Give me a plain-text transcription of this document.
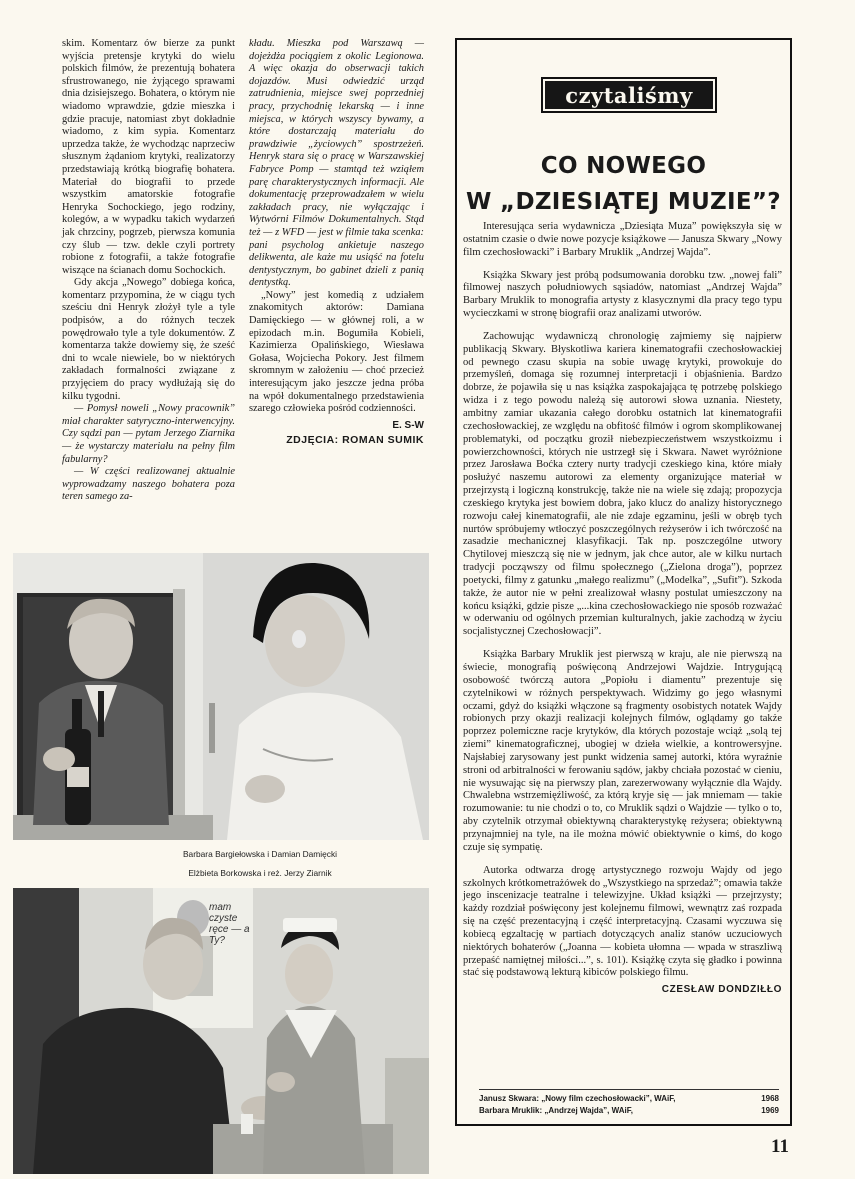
skim. Komentarz ów bierze za punkt wyjścia pretensje krytyki do wielu polskich filmów, że prezentują bohatera sfrustrowanego, nie żyjącego sprawami dnia dzisiejszego. Bohatera, o którym nie wiadomo wprawdzie, gdzie mieszka i gdzie pracuje, natomiast zbyt dokładnie wiadomo, z kim sypia. Komentarz uprzedza także, że wychodząc naprzeciw słusznym żądaniom krytyki, realizatorzy przedstawiają krótką biografię bohatera. Materiał do biografii to przede wszystkim amatorskie fotografie Henryka Sochockiego, jego rodziny, kolegów, a w wypadku takich wydarzeń jak chrzciny, pogrzeb, pierwsza komunia czy ślub — tzw. dekle czyli portrety robione z fotografii, a także fotografie wiszące na ścianach domu Sochockich.

Gdy akcja „Nowego” dobiega końca, komentarz przypomina, że w ciągu tych sześciu dni Henryk złożył tyle a tyle podpisów, a do różnych teczek powędrowało tyle a tyle dokumentów. Z komentarza także dowiemy się, że sześć dni to wcale niewiele, bo w niektórych zakładach formalności związane z przyjęciem do pracy wydłużają się do kilku tygodni.

— Pomysł noweli „Nowy pracownik” miał charakter satyryczno-interwencyjny. Czy sądzi pan — pytam Jerzego Ziarnika — że wystarczy materiału na pełny film fabularny?

— W części realizowanej aktualnie wyprowadzamy naszego bohatera poza teren samego za-

kładu. Mieszka pod Warszawą — dojeżdża pociągiem z okolic Legionowa. A więc okazja do obserwacji takich dojazdów. Musi odwiedzić urząd zatrudnienia, miejsce swej poprzedniej pracy, przychodnię lekarską — i inne miejsca, w których wszyscy bywamy, a które dostarczają materiału do prawdziwie „życiowych” spostrzeżeń. Henryk stara się o pracę w Warszawskiej Fabryce Pomp — stamtąd też wziąłem parę charakterystycznych informacji. Ale dokumentację przeprowadzałem w wielu zakładach pracy, nie wyłączając i Wytwórni Filmów Dokumentalnych. Stąd też — z WFD — jest w filmie taka scenka: pani psycholog ankietuje naszego delikwenta, ale każe mu usiąść na fotelu dentystycznym, bo gabinet dzieli z panią dentystką.

„Nowy” jest komedią z udziałem znakomitych aktorów: Damiana Damięckiego — w głównej roli, a w epizodach m.in. Bogumiła Kobieli, Kazimierza Opalińskiego, Wiesława Gołasa, Wojciecha Pokory. Jest filmem skromnym w założeniu — choć przecież interesującym jako jeszcze jedna próba na wpół dokumentalnego przedstawienia szarego człowieka pośród codzienności.

E. S-W
ZDJĘCIA: ROMAN SUMIK
Barbara Bargiełowska i Damian Damięcki
Elżbieta Borkowska i reż. Jerzy Ziarnik
mam czyste ręce — a Ty?
czytaliśmy
CO NOWEGO
W „DZIESIĄTEJ MUZIE”?

Interesująca seria wydawnicza „Dziesiąta Muza” powiększyła się w ostatnim czasie o dwie nowe pozycje książkowe — Janusza Skwary „Nowy film czechosłowacki” i Barbary Mruklik „Andrzej Wajda”.

Książka Skwary jest próbą podsumowania dorobku tzw. „nowej fali” filmowej naszych południowych sąsiadów, natomiast „Andrzej Wajda” Barbary Mruklik to monografia artysty z klasycznymi dla pracy tego typu wycieczkami w stronę biografii oraz analizami utworów.

Zachowując wydawniczą chronologię zajmiemy się najpierw publikacją Skwary. Błyskotliwa kariera kinematografii czechosłowackiej od pewnego czasu skupia na sobie uwagę krytyki, prowokuje do przemyśleń, domaga się rozumnej interpretacji i objaśnienia. Bardzo dobrze, że pojawiła się u nas książka zaspokajająca tę potrzebę polskiego widza i z tego powodu należą się autorowi słowa uznania. Niestety, ambitny zamiar ukazania całego dorobku ostatnich lat kinematografii czechosłowackiej, ze względu na obfitość filmów i ogrom skomplikowanej problematyki, od początku groził niebezpieczeństwem wszystkoizmu i powierzchowności, których nie ustrzegł się i Skwara. Nawet wyróżnione przez Jarosława Boćka cztery nurty tradycji czeskiego kina, które miały posłużyć naszemu autorowi za elementy organizujące materiał w przejrzystą i logiczną konstrukcję, także nie na wiele się zdają; propozycja czeskiego krytyka jest bowiem dobra, jako klucz do analizy historycznego rozwoju całej kinematografii, ale nie zdaje egzaminu, jeśli w obręb tych nurtów spróbujemy wtłoczyć poszczególnych reżyserów i ich twórczość na zasadzie mechanicznej klasyfikacji. Tak np. poszczególne utwory Chytilovej mieszczą się nie w jednym, jak chce autor, ale w kilku nurtach tradycji począwszy od filmu społecznego („Zielona droga”), poprzez poetycki, filmy z gatunku „małego realizmu” („Modelka”, „Sufit”). Szkoda także, że autor nie w pełni zrealizował własny postulat umieszczony na końcu książki, gdzie pisze „...kina czechosłowackiego nie sposób rozważać w oderwaniu od ogólnych przemian kulturalnych, jakie zachodzą w życiu socjalistycznej Czechosłowacji”.

Książka Barbary Mruklik jest pierwszą w kraju, ale nie pierwszą na świecie, monografią poświęconą Andrzejowi Wajdzie. Intrygującą osobowość twórczą autora „Popiołu i diamentu” prezentuje się czytelnikowi w różnych perspektywach. Widzimy go jego własnymi oczami, gdyż do książki włączone są fragmenty osobistych notatek Wajdy robionych przy okazji realizacji kolejnych filmów, oglądamy go także poprzez polemiczne racje krytyków, dla których pozostaje wciąż „solą tej ziemi” kinematograficznej, ubogiej w dzieła wielkie, a kontrowersyjne. Najsłabiej zarysowany jest punkt widzenia samej autorki, która wyraźnie stroni od arbitralności w ferowaniu sądów, jakby chciała pozostać w cieniu, nie wysuwając się na pierwszy plan, zarezerwowany wyłącznie dla Wajdy. Chwalebna wstrzemięźliwość, za którą kryje się — jak mniemam — takie rozumowanie: tu nie chodzi o to, co Mruklik sądzi o Wajdzie — tylko o to, aby czytelnik otrzymał obiektywną charakterystykę reżysera; obiektywną przynajmniej na tyle, na ile można mówić obiektywnie o kimś, do kogo czuje się sympatię.

Autorka odtwarza drogę artystycznego rozwoju Wajdy od jego szkolnych krótkometrażówek do „Wszystkiego na sprzedaż”; omawia także jego inscenizacje teatralne i telewizyjne. Układ książki — przejrzysty; każdy rozdział poświęcony jest kolejnemu filmowi, wewnątrz zaś rozpada się na część prezentacyjną i część interpretacyjną. Czasami wyczuwa się kobiecą egzaltację w partiach dotyczących analiz stanów uczuciowych niektórych bohaterów („Joanna — kobieta ułomna — wpada w straszliwą przepaść namiętnej miłości...”, s. 101). Książkę czyta się gładko i powinna stać się podstawową lekturą kibiców polskiego filmu.

CZESŁAW DONDZIŁŁO
Janusz Skwara: „Nowy film czechosłowacki”, WAiF,	1968
Barbara Mruklik: „Andrzej Wajda”, WAiF,	1969
11
